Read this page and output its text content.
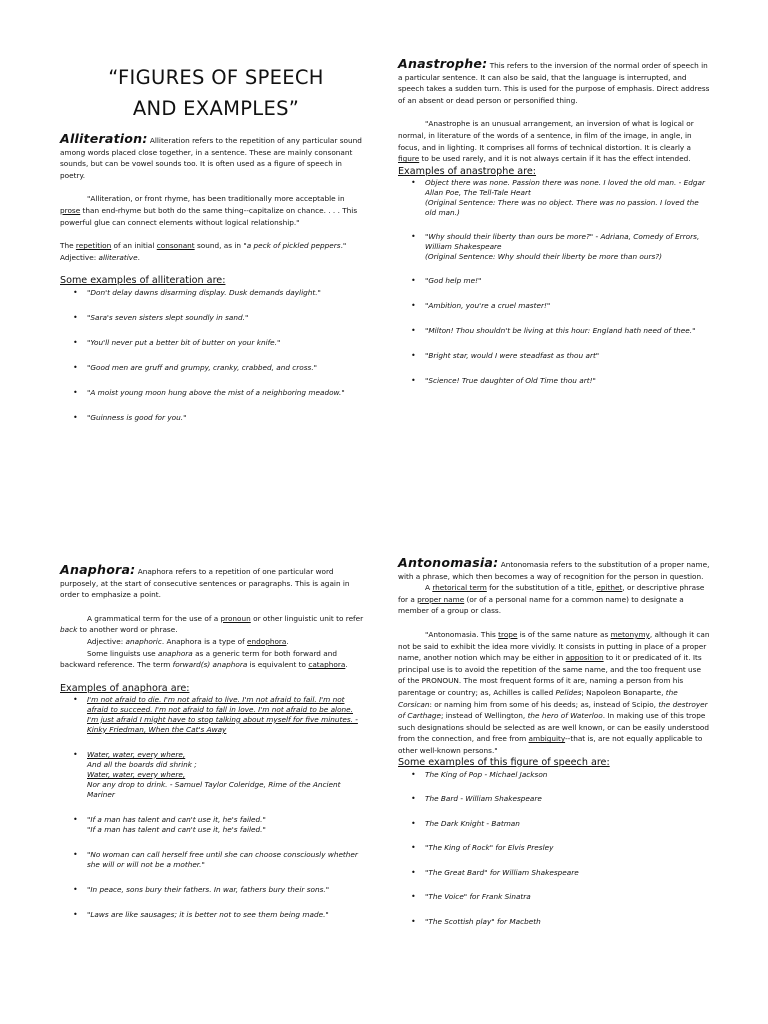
“FIGURES OF SPEECH
AND EXAMPLES”

Alliteration: Alliteration refers to the repetition of any particular sound among words placed close together, in a sentence. These are mainly consonant sounds, but can be vowel sounds too. It is often used as a figure of speech in poetry.

"Alliteration, or front rhyme, has been traditionally more acceptable in prose than end-rhyme but both do the same thing--capitalize on chance. . . . This powerful glue can connect elements without logical relationship."

The repetition of an initial consonant sound, as in "a peck of pickled peppers."

Adjective: alliterative.

Some examples of alliteration are:

• "Don't delay dawns disarming display. Dusk demands daylight."
• "Sara's seven sisters slept soundly in sand."
• "You'll never put a better bit of butter on your knife."
• "Good men are gruff and grumpy, cranky, crabbed, and cross."
• "A moist young moon hung above the mist of a neighboring meadow."
• "Guinness is good for you."

Anastrophe: This refers to the inversion of the normal order of speech in a particular sentence. It can also be said, that the language is interrupted, and speech takes a sudden turn. This is used for the purpose of emphasis. Direct address of an absent or dead person or personified thing.

"Anastrophe is an unusual arrangement, an inversion of what is logical or normal, in literature of the words of a sentence, in film of the image, in angle, in focus, and in lighting. It comprises all forms of technical distortion. It is clearly a figure to be used rarely, and it is not always certain if it has the effect intended.

Examples of anastrophe are:

• Object there was none. Passion there was none. I loved the old man. - Edgar Allan Poe, The Tell-Tale Heart
(Original Sentence: There was no object. There was no passion. I loved the old man.)
• "Why should their liberty than ours be more?" - Adriana, Comedy of Errors, William Shakespeare
(Original Sentence: Why should their liberty be more than ours?)
• "God help me!"
• "Ambition, you're a cruel master!"
• "Milton! Thou shouldn't be living at this hour: England hath need of thee."
• "Bright star, would I were steadfast as thou art"
• "Science! True daughter of Old Time thou art!"

Anaphora: Anaphora refers to a repetition of one particular word purposely, at the start of consecutive sentences or paragraphs. This is again in order to emphasize a point.

A grammatical term for the use of a pronoun or other linguistic unit to refer back to another word or phrase.

Adjective: anaphoric. Anaphora is a type of endophora.

Some linguists use anaphora as a generic term for both forward and backward reference. The term forward(s) anaphora is equivalent to cataphora.

Examples of anaphora are:

• I'm not afraid to die. I'm not afraid to live. I'm not afraid to fail. I'm not afraid to succeed. I'm not afraid to fall in love. I'm not afraid to be alone. I'm just afraid I might have to stop talking about myself for five minutes. - Kinky Friedman, When the Cat's Away
• Water, water, every where,
And all the boards did shrink ;
Water, water, every where,
Nor any drop to drink. - Samuel Taylor Coleridge, Rime of the Ancient Mariner
• "If a man has talent and can't use it, he's failed."
"If a man has talent and can't use it, he's failed."
• "No woman can call herself free until she can choose consciously whether she will or will not be a mother."
• "In peace, sons bury their fathers. In war, fathers bury their sons."
• "Laws are like sausages; it is better not to see them being made."

Antonomasia: Antonomasia refers to the substitution of a proper name, with a phrase, which then becomes a way of recognition for the person in question.

A rhetorical term for the substitution of a title, epithet, or descriptive phrase for a proper name (or of a personal name for a common name) to designate a member of a group or class.

"Antonomasia. This trope is of the same nature as metonymy, although it can not be said to exhibit the idea more vividly. It consists in putting in place of a proper name, another notion which may be either in apposition to it or predicated of it. Its principal use is to avoid the repetition of the same name, and the too frequent use of the PRONOUN. The most frequent forms of it are, naming a person from his parentage or country; as, Achilles is called Pelides; Napoleon Bonaparte, the Corsican: or naming him from some of his deeds; as, instead of Scipio, the destroyer of Carthage; instead of Wellington, the hero of Waterloo. In making use of this trope such designations should be selected as are well known, or can be easily understood from the connection, and free from ambiguity--that is, are not equally applicable to other well-known persons."

Some examples of this figure of speech are:

• The King of Pop - Michael Jackson
• The Bard - William Shakespeare
• The Dark Knight - Batman
• "The King of Rock" for Elvis Presley
• "The Great Bard" for William Shakespeare
• "The Voice" for Frank Sinatra
• "The Scottish play" for Macbeth
